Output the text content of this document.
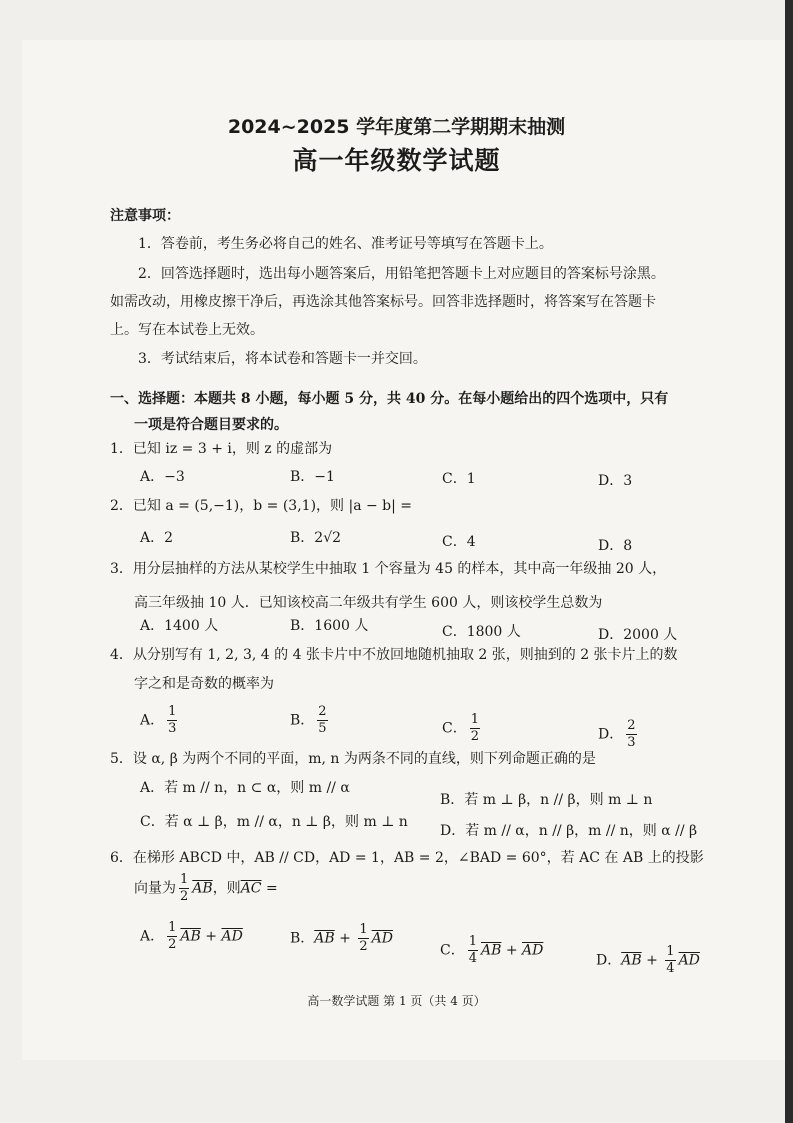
2024~2025 学年度第二学期期末抽测
高一年级数学试题
注意事项：
1．答卷前，考生务必将自己的姓名、准考证号等填写在答题卡上。
2．回答选择题时，选出每小题答案后，用铅笔把答题卡上对应题目的答案标号涂黑。
如需改动，用橡皮擦干净后，再选涂其他答案标号。回答非选择题时，将答案写在答题卡
上。写在本试卷上无效。
3．考试结束后，将本试卷和答题卡一并交回。
一、选择题：本题共 8 小题，每小题 5 分，共 40 分。在每小题给出的四个选项中，只有
一项是符合题目要求的。
1．已知 iz = 3 + i，则 z 的虚部为
A．−3	B．−1	C．1	D．3
2．已知 a = (5,−1)，b = (3,1)，则 |a − b| =
A．2	B．2√2	C．4	D．8
3．用分层抽样的方法从某校学生中抽取 1 个容量为 45 的样本，其中高一年级抽 20 人，
高三年级抽 10 人．已知该校高二年级共有学生 600 人，则该校学生总数为
A．1400 人	B．1600 人	C．1800 人	D．2000 人
4．从分别写有 1, 2, 3, 4 的 4 张卡片中不放回地随机抽取 2 张，则抽到的 2 张卡片上的数
字之和是奇数的概率为
A． $\frac{1}{3}$	B． $\frac{2}{5}$	C． $\frac{1}{2}$	D． $\frac{2}{3}$
5．设 α, β 为两个不同的平面，m, n 为两条不同的直线，则下列命题正确的是
A．若 m // n，n ⊂ α，则 m // α
B．若 m ⊥ β，n // β，则 m ⊥ n
C．若 α ⊥ β，m // α，n ⊥ β，则 m ⊥ n
D．若 m // α，n // β，m // n，则 α // β
6．在梯形 ABCD 中，AB // CD，AD = 1，AB = 2，∠BAD = 60°，若 AC 在 AB 上的投影
向量为 $\frac{1}{2} \overline{AB}$，则$\overline{AC}$ =
A． $\frac{1}{2} \overline{AB} + \overline{AD}$	B．$\overline{AB} + \frac{1}{2} \overline{AD}$
C． $\frac{1}{4} \overline{AB} + \overline{AD}$
D．$\overline{AB} + \frac{1}{4} \overline{AD}$
高一数学试题 第 1 页（共 4 页）
